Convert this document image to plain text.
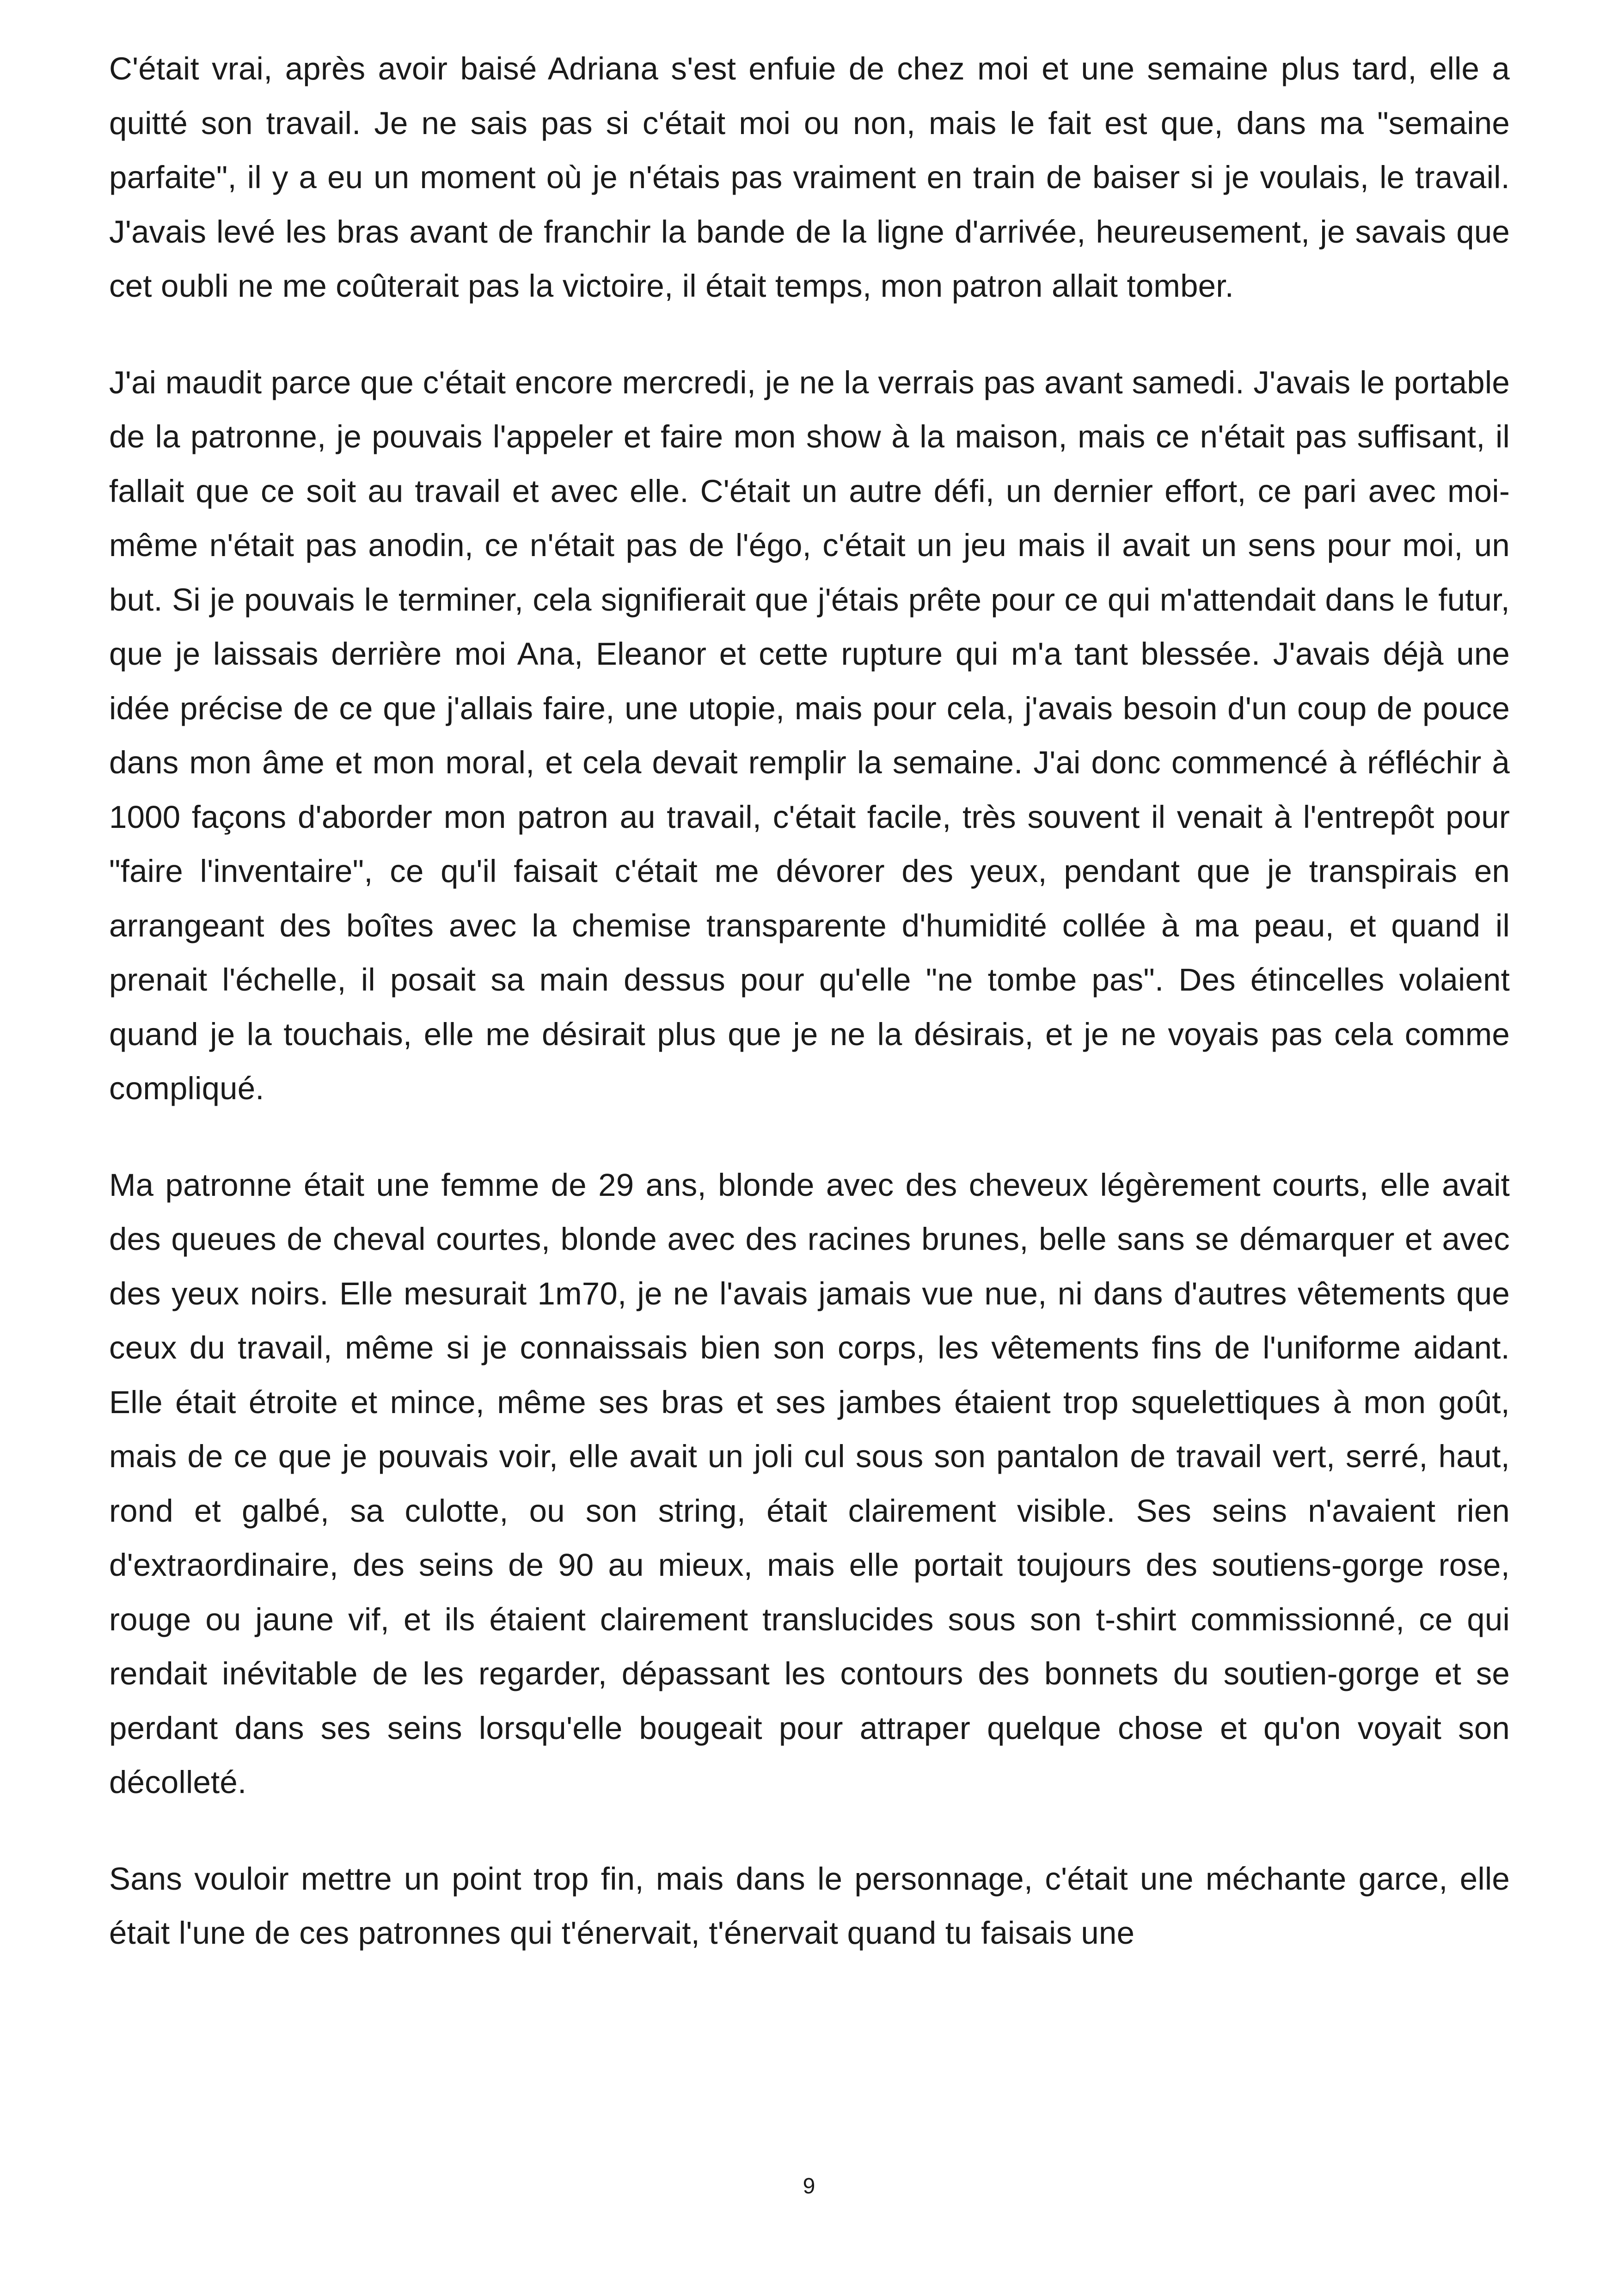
C'était vrai, après avoir baisé Adriana s'est enfuie de chez moi et une semaine plus tard, elle a quitté son travail. Je ne sais pas si c'était moi ou non, mais le fait est que, dans ma "semaine parfaite", il y a eu un moment où je n'étais pas vraiment en train de baiser si je voulais, le travail. J'avais levé les bras avant de franchir la bande de la ligne d'arrivée, heureusement, je savais que cet oubli ne me coûterait pas la victoire, il était temps, mon patron allait tomber.

J'ai maudit parce que c'était encore mercredi, je ne la verrais pas avant samedi. J'avais le portable de la patronne, je pouvais l'appeler et faire mon show à la maison, mais ce n'était pas suffisant, il fallait que ce soit au travail et avec elle. C'était un autre défi, un dernier effort, ce pari avec moi-même n'était pas anodin, ce n'était pas de l'égo, c'était un jeu mais il avait un sens pour moi, un but. Si je pouvais le terminer, cela signifierait que j'étais prête pour ce qui m'attendait dans le futur, que je laissais derrière moi Ana, Eleanor et cette rupture qui m'a tant blessée. J'avais déjà une idée précise de ce que j'allais faire, une utopie, mais pour cela, j'avais besoin d'un coup de pouce dans mon âme et mon moral, et cela devait remplir la semaine. J'ai donc commencé à réfléchir à 1000 façons d'aborder mon patron au travail, c'était facile, très souvent il venait à l'entrepôt pour "faire l'inventaire", ce qu'il faisait c'était me dévorer des yeux, pendant que je transpirais en arrangeant des boîtes avec la chemise transparente d'humidité collée à ma peau, et quand il prenait l'échelle, il posait sa main dessus pour qu'elle "ne tombe pas". Des étincelles volaient quand je la touchais, elle me désirait plus que je ne la désirais, et je ne voyais pas cela comme compliqué.

Ma patronne était une femme de 29 ans, blonde avec des cheveux légèrement courts, elle avait des queues de cheval courtes, blonde avec des racines brunes, belle sans se démarquer et avec des yeux noirs. Elle mesurait 1m70, je ne l'avais jamais vue nue, ni dans d'autres vêtements que ceux du travail, même si je connaissais bien son corps, les vêtements fins de l'uniforme aidant. Elle était étroite et mince, même ses bras et ses jambes étaient trop squelettiques à mon goût, mais de ce que je pouvais voir, elle avait un joli cul sous son pantalon de travail vert, serré, haut, rond et galbé, sa culotte, ou son string, était clairement visible. Ses seins n'avaient rien d'extraordinaire, des seins de 90 au mieux, mais elle portait toujours des soutiens-gorge rose, rouge ou jaune vif, et ils étaient clairement translucides sous son t-shirt commissionné, ce qui rendait inévitable de les regarder, dépassant les contours des bonnets du soutien-gorge et se perdant dans ses seins lorsqu'elle bougeait pour attraper quelque chose et qu'on voyait son décolleté.

Sans vouloir mettre un point trop fin, mais dans le personnage, c'était une méchante garce, elle était l'une de ces patronnes qui t'énervait, t'énervait quand tu faisais une

9
